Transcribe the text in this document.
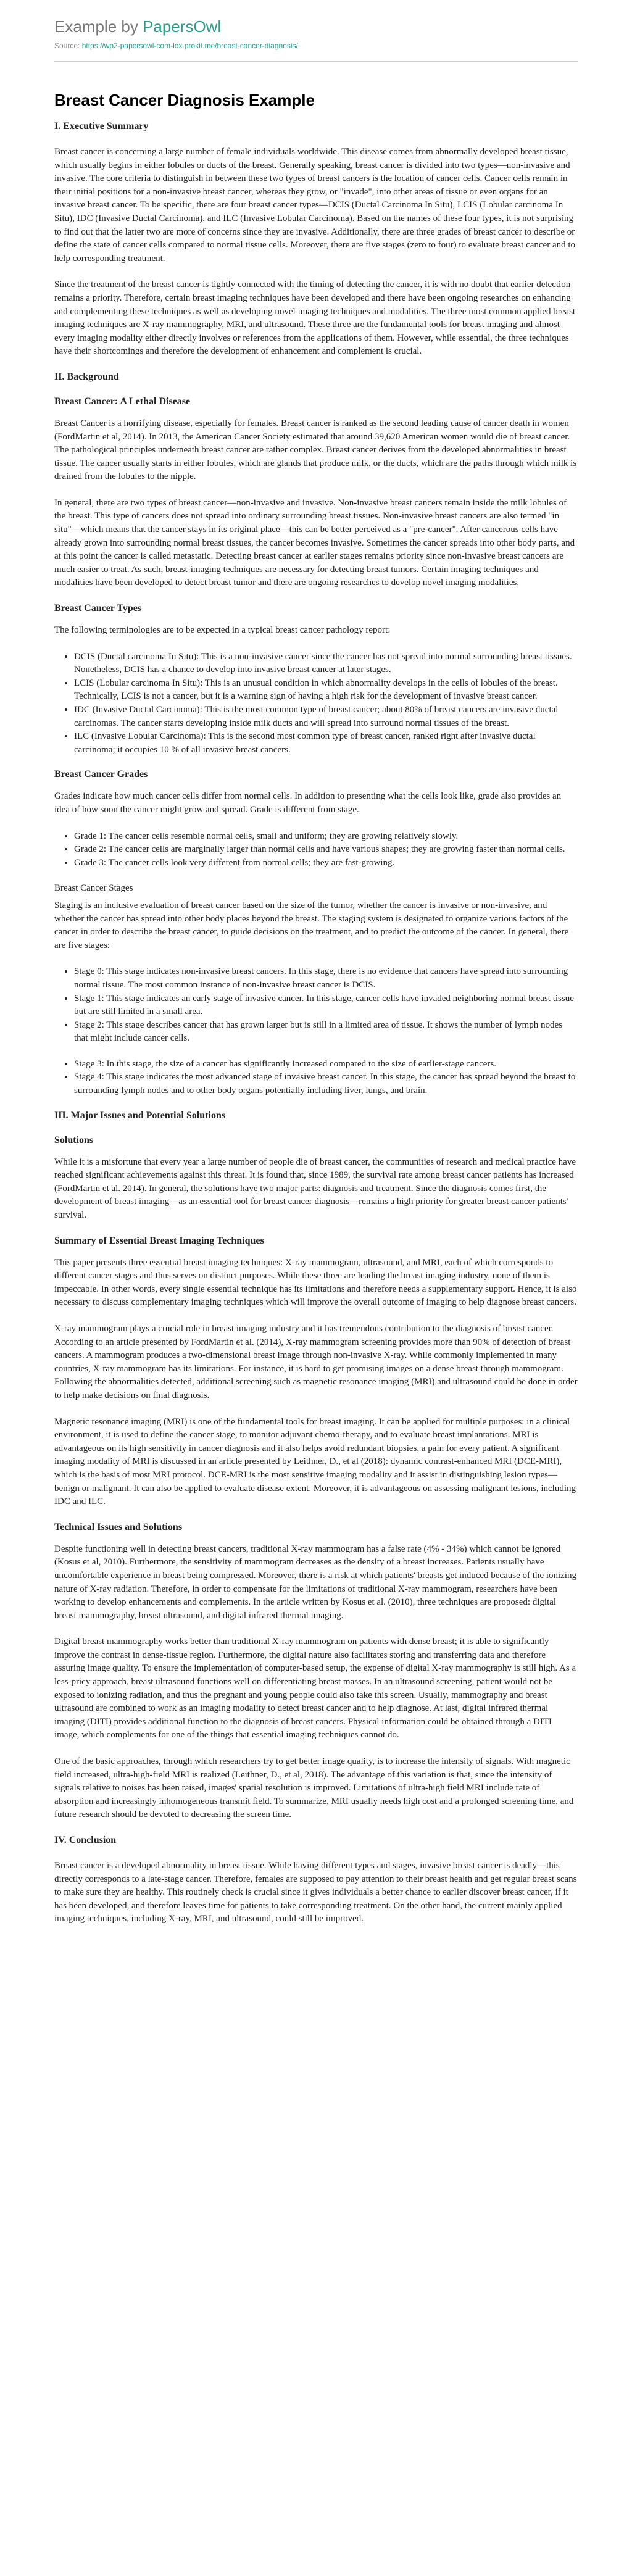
Example by PapersOwl
Source: https://wp2-papersowl-com-lox.prokit.me/breast-cancer-diagnosis/
Breast Cancer Diagnosis Example
I. Executive Summary

Breast cancer is concerning a large number of female individuals worldwide. This disease comes from abnormally developed breast tissue, which usually begins in either lobules or ducts of the breast. Generally speaking, breast cancer is divided into two types—non-invasive and invasive. The core criteria to distinguish in between these two types of breast cancers is the location of cancer cells. Cancer cells remain in their initial positions for a non-invasive breast cancer, whereas they grow, or "invade", into other areas of tissue or even organs for an invasive breast cancer. To be specific, there are four breast cancer types—DCIS (Ductal Carcinoma In Situ), LCIS (Lobular carcinoma In Situ), IDC (Invasive Ductal Carcinoma), and ILC (Invasive Lobular Carcinoma). Based on the names of these four types, it is not surprising to find out that the latter two are more of concerns since they are invasive. Additionally, there are three grades of breast cancer to describe or define the state of cancer cells compared to normal tissue cells. Moreover, there are five stages (zero to four) to evaluate breast cancer and to help corresponding treatment.

Since the treatment of the breast cancer is tightly connected with the timing of detecting the cancer, it is with no doubt that earlier detection remains a priority. Therefore, certain breast imaging techniques have been developed and there have been ongoing researches on enhancing and complementing these techniques as well as developing novel imaging techniques and modalities. The three most common applied breast imaging techniques are X-ray mammography, MRI, and ultrasound. These three are the fundamental tools for breast imaging and almost every imaging modality either directly involves or references from the applications of them. However, while essential, the three techniques have their shortcomings and therefore the development of enhancement and complement is crucial.

II. Background
Breast Cancer: A Lethal Disease

Breast Cancer is a horrifying disease, especially for females. Breast cancer is ranked as the second leading cause of cancer death in women (FordMartin et al, 2014). In 2013, the American Cancer Society estimated that around 39,620 American women would die of breast cancer. The pathological principles underneath breast cancer are rather complex. Breast cancer derives from the developed abnormalities in breast tissue. The cancer usually starts in either lobules, which are glands that produce milk, or the ducts, which are the paths through which milk is drained from the lobules to the nipple.

In general, there are two types of breast cancer—non-invasive and invasive. Non-invasive breast cancers remain inside the milk lobules of the breast. This type of cancers does not spread into ordinary surrounding breast tissues. Non-invasive breast cancers are also termed "in situ"—which means that the cancer stays in its original place—this can be better perceived as a "pre-cancer". After cancerous cells have already grown into surrounding normal breast tissues, the cancer becomes invasive. Sometimes the cancer spreads into other body parts, and at this point the cancer is called metastatic. Detecting breast cancer at earlier stages remains priority since non-invasive breast cancers are much easier to treat. As such, breast-imaging techniques are necessary for detecting breast tumors. Certain imaging techniques and modalities have been developed to detect breast tumor and there are ongoing researches to develop novel imaging modalities.

Breast Cancer Types

The following terminologies are to be expected in a typical breast cancer pathology report:

• DCIS (Ductal carcinoma In Situ): This is a non-invasive cancer since the cancer has not spread into normal surrounding breast tissues. Nonetheless, DCIS has a chance to develop into invasive breast cancer at later stages.
• LCIS (Lobular carcinoma In Situ): This is an unusual condition in which abnormality develops in the cells of lobules of the breast. Technically, LCIS is not a cancer, but it is a warning sign of having a high risk for the development of invasive breast cancer.
• IDC (Invasive Ductal Carcinoma): This is the most common type of breast cancer; about 80% of breast cancers are invasive ductal carcinomas. The cancer starts developing inside milk ducts and will spread into surround normal tissues of the breast.
• ILC (Invasive Lobular Carcinoma): This is the second most common type of breast cancer, ranked right after invasive ductal carcinoma; it occupies 10 % of all invasive breast cancers.
Breast Cancer Grades

Grades indicate how much cancer cells differ from normal cells. In addition to presenting what the cells look like, grade also provides an idea of how soon the cancer might grow and spread. Grade is different from stage.

• Grade 1: The cancer cells resemble normal cells, small and uniform; they are growing relatively slowly.
• Grade 2: The cancer cells are marginally larger than normal cells and have various shapes; they are growing faster than normal cells.
• Grade 3: The cancer cells look very different from normal cells; they are fast-growing.

Breast Cancer Stages

Staging is an inclusive evaluation of breast cancer based on the size of the tumor, whether the cancer is invasive or non-invasive, and whether the cancer has spread into other body places beyond the breast. The staging system is designated to organize various factors of the cancer in order to describe the breast cancer, to guide decisions on the treatment, and to predict the outcome of the cancer. In general, there are five stages:

• Stage 0: This stage indicates non-invasive breast cancers. In this stage, there is no evidence that cancers have spread into surrounding normal tissue. The most common instance of non-invasive breast cancer is DCIS.
• Stage 1: This stage indicates an early stage of invasive cancer. In this stage, cancer cells have invaded neighboring normal breast tissue but are still limited in a small area.
• Stage 2: This stage describes cancer that has grown larger but is still in a limited area of tissue. It shows the number of lymph nodes that might include cancer cells.
• Stage 3: In this stage, the size of a cancer has significantly increased compared to the size of earlier-stage cancers.
• Stage 4: This stage indicates the most advanced stage of invasive breast cancer. In this stage, the cancer has spread beyond the breast to surrounding lymph nodes and to other body organs potentially including liver, lungs, and brain.
III. Major Issues and Potential Solutions
Solutions

While it is a misfortune that every year a large number of people die of breast cancer, the communities of research and medical practice have reached significant achievements against this threat. It is found that, since 1989, the survival rate among breast cancer patients has increased (FordMartin et al. 2014). In general, the solutions have two major parts: diagnosis and treatment. Since the diagnosis comes first, the development of breast imaging—as an essential tool for breast cancer diagnosis—remains a high priority for greater breast cancer patients' survival.

Summary of Essential Breast Imaging Techniques

This paper presents three essential breast imaging techniques: X-ray mammogram, ultrasound, and MRI, each of which corresponds to different cancer stages and thus serves on distinct purposes. While these three are leading the breast imaging industry, none of them is impeccable. In other words, every single essential technique has its limitations and therefore needs a supplementary support. Hence, it is also necessary to discuss complementary imaging techniques which will improve the overall outcome of imaging to help diagnose breast cancers.

X-ray mammogram plays a crucial role in breast imaging industry and it has tremendous contribution to the diagnosis of breast cancer. According to an article presented by FordMartin et al. (2014), X-ray mammogram screening provides more than 90% of detection of breast cancers. A mammogram produces a two-dimensional breast image through non-invasive X-ray. While commonly implemented in many countries, X-ray mammogram has its limitations. For instance, it is hard to get promising images on a dense breast through mammogram. Following the abnormalities detected, additional screening such as magnetic resonance imaging (MRI) and ultrasound could be done in order to help make decisions on final diagnosis.

Magnetic resonance imaging (MRI) is one of the fundamental tools for breast imaging. It can be applied for multiple purposes: in a clinical environment, it is used to define the cancer stage, to monitor adjuvant chemo-therapy, and to evaluate breast implantations. MRI is advantageous on its high sensitivity in cancer diagnosis and it also helps avoid redundant biopsies, a pain for every patient. A significant imaging modality of MRI is discussed in an article presented by Leithner, D., et al (2018): dynamic contrast-enhanced MRI (DCE-MRI), which is the basis of most MRI protocol. DCE-MRI is the most sensitive imaging modality and it assist in distinguishing lesion types—benign or malignant. It can also be applied to evaluate disease extent. Moreover, it is advantageous on assessing malignant lesions, including IDC and ILC.

Technical Issues and Solutions

Despite functioning well in detecting breast cancers, traditional X-ray mammogram has a false rate (4% - 34%) which cannot be ignored (Kosus et al, 2010). Furthermore, the sensitivity of mammogram decreases as the density of a breast increases. Patients usually have uncomfortable experience in breast being compressed. Moreover, there is a risk at which patients' breasts get induced because of the ionizing nature of X-ray radiation. Therefore, in order to compensate for the limitations of traditional X-ray mammogram, researchers have been working to develop enhancements and complements. In the article written by Kosus et al. (2010), three techniques are proposed: digital breast mammography, breast ultrasound, and digital infrared thermal imaging.

Digital breast mammography works better than traditional X-ray mammogram on patients with dense breast; it is able to significantly improve the contrast in dense-tissue region. Furthermore, the digital nature also facilitates storing and transferring data and therefore assuring image quality. To ensure the implementation of computer-based setup, the expense of digital X-ray mammography is still high. As a less-pricy approach, breast ultrasound functions well on differentiating breast masses. In an ultrasound screening, patient would not be exposed to ionizing radiation, and thus the pregnant and young people could also take this screen. Usually, mammography and breast ultrasound are combined to work as an imaging modality to detect breast cancer and to help diagnose. At last, digital infrared thermal imaging (DITI) provides additional function to the diagnosis of breast cancers. Physical information could be obtained through a DITI image, which complements for one of the things that essential imaging techniques cannot do.

One of the basic approaches, through which researchers try to get better image quality, is to increase the intensity of signals. With magnetic field increased, ultra-high-field MRI is realized (Leithner, D., et al, 2018). The advantage of this variation is that, since the intensity of signals relative to noises has been raised, images' spatial resolution is improved. Limitations of ultra-high field MRI include rate of absorption and increasingly inhomogeneous transmit field. To summarize, MRI usually needs high cost and a prolonged screening time, and future research should be devoted to decreasing the screen time.

IV. Conclusion

Breast cancer is a developed abnormality in breast tissue. While having different types and stages, invasive breast cancer is deadly—this directly corresponds to a late-stage cancer. Therefore, females are supposed to pay attention to their breast health and get regular breast scans to make sure they are healthy. This routinely check is crucial since it gives individuals a better chance to earlier discover breast cancer, if it has been developed, and therefore leaves time for patients to take corresponding treatment. On the other hand, the current mainly applied imaging techniques, including X-ray, MRI, and ultrasound, could still be improved.
